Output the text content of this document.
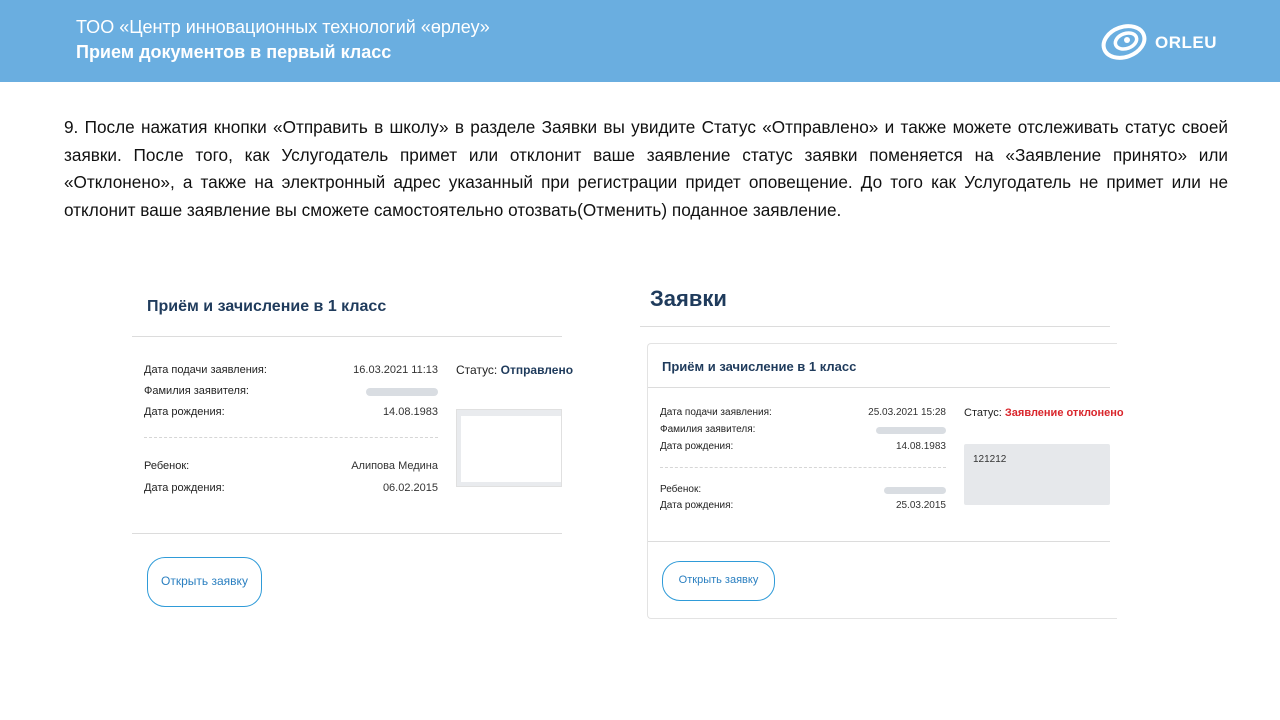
ТОО «Центр инновационных технологий «өрлеу»
Прием документов в первый класс	ORLEU
9. После нажатия кнопки «Отправить в школу» в разделе Заявки вы увидите Статус «Отправлено» и также можете отслеживать статус своей заявки. После того, как Услугодатель примет или отклонит ваше заявление статус заявки поменяется на «Заявление принято» или «Отклонено», а также на электронный адрес указанный при регистрации придет оповещение. До того как Услугодатель не примет или не отклонит ваше заявление вы сможете самостоятельно отозвать(Отменить) поданное заявление.
Приём и зачисление в 1 класс
Дата подачи заявления:	16.03.2021 11:13
Фамилия заявителя:
Дата рождения:	14.08.1983
Ребенок:	Алипова Медина
Дата рождения:	06.02.2015
Статус: Отправлено
Открыть заявку
Заявки
Приём и зачисление в 1 класс
Дата подачи заявления:	25.03.2021 15:28
Фамилия заявителя:
Дата рождения:	14.08.1983
Ребенок:
Дата рождения:	25.03.2015
Статус: Заявление отклонено
121212
Открыть заявку
